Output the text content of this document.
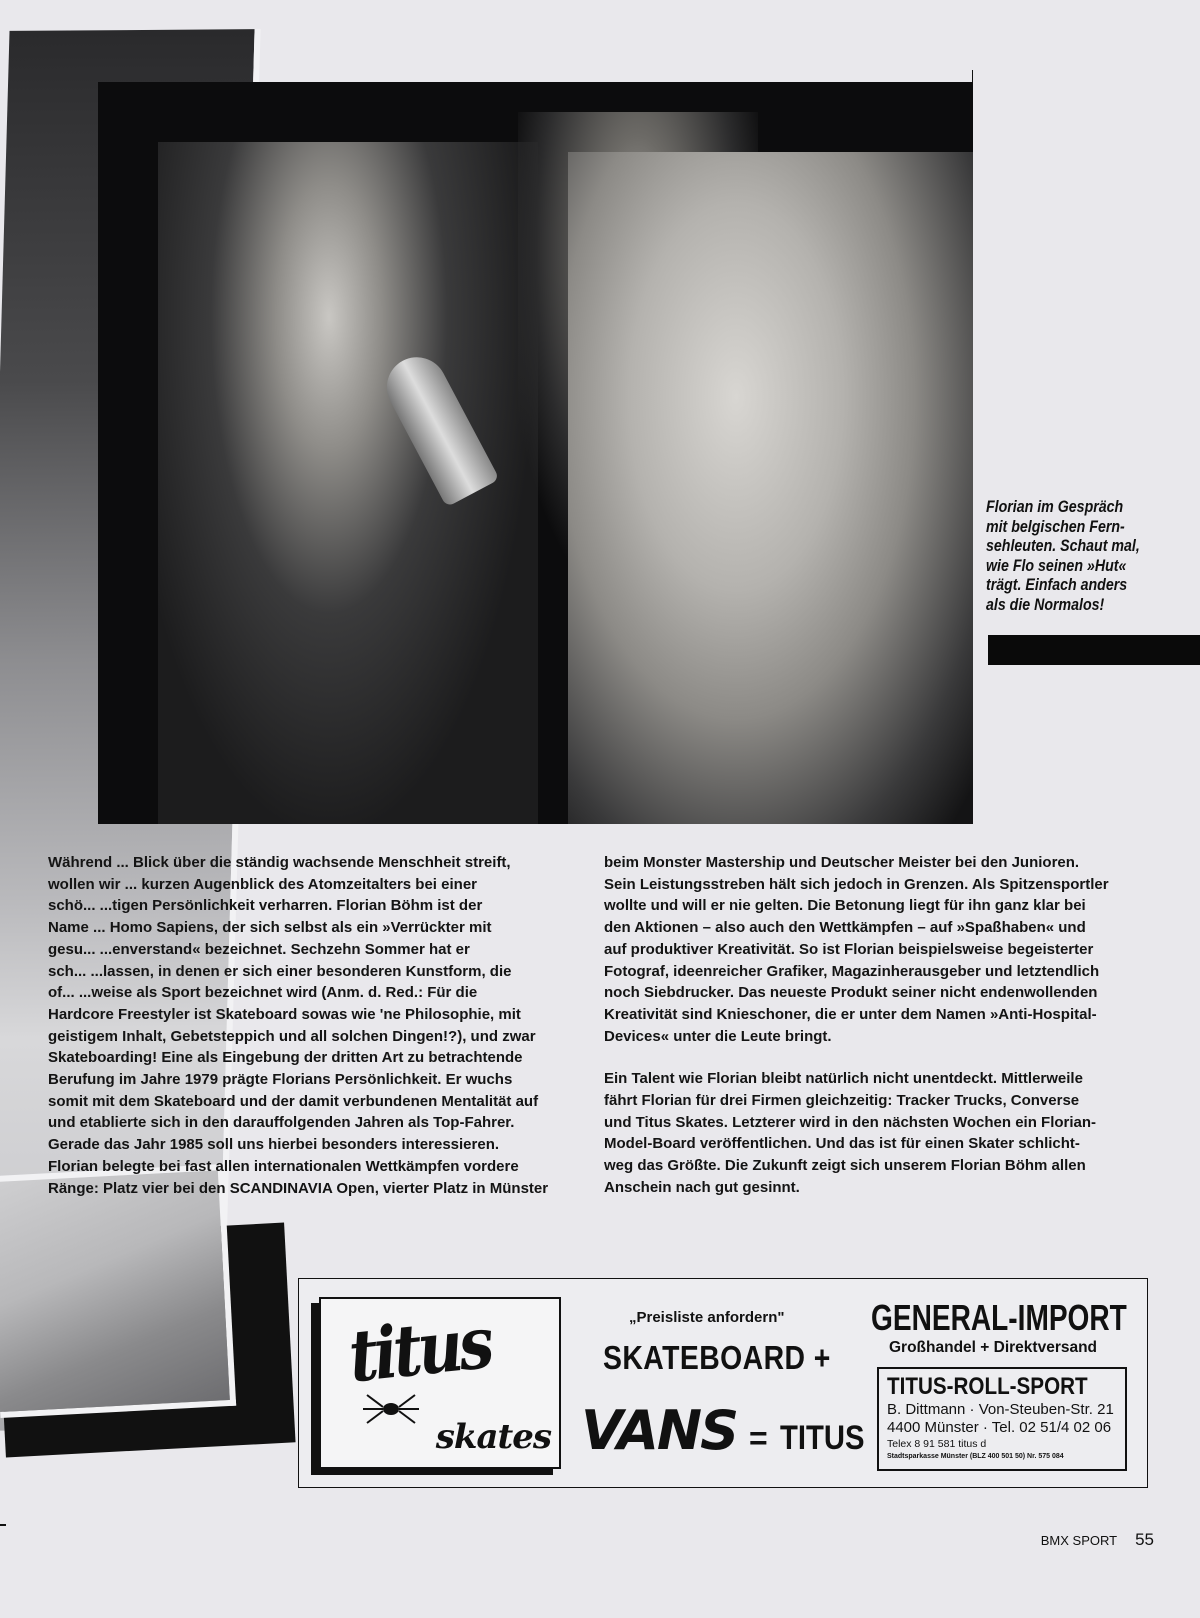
Florian im Gespräch
mit belgischen Fern-
sehleuten. Schaut mal,
wie Flo seinen »Hut«
trägt. Einfach anders
als die Normalos!

Während ... Blick über die ständig wachsende Menschheit streift,
wollen wir ... kurzen Augenblick des Atomzeitalters bei einer
schö... ...tigen Persönlichkeit verharren. Florian Böhm ist der
Name ... Homo Sapiens, der sich selbst als ein »Verrückter mit
gesu... ...enverstand« bezeichnet. Sechzehn Sommer hat er
sch... ...lassen, in denen er sich einer besonderen Kunstform, die
of... ...weise als Sport bezeichnet wird (Anm. d. Red.: Für die
Hardcore Freestyler ist Skateboard sowas wie 'ne Philosophie, mit
geistigem Inhalt, Gebetsteppich und all solchen Dingen!?), und zwar
Skateboarding! Eine als Eingebung der dritten Art zu betrachtende
Berufung im Jahre 1979 prägte Florians Persönlichkeit. Er wuchs
somit mit dem Skateboard und der damit verbundenen Mentalität auf
und etablierte sich in den darauffolgenden Jahren als Top-Fahrer.
Gerade das Jahr 1985 soll uns hierbei besonders interessieren.
Florian belegte bei fast allen internationalen Wettkämpfen vordere
Ränge: Platz vier bei den SCANDINAVIA Open, vierter Platz in Münster

beim Monster Mastership und Deutscher Meister bei den Junioren.
Sein Leistungsstreben hält sich jedoch in Grenzen. Als Spitzensportler
wollte und will er nie gelten. Die Betonung liegt für ihn ganz klar bei
den Aktionen – also auch den Wettkämpfen – auf »Spaßhaben« und
auf produktiver Kreativität. So ist Florian beispielsweise begeisterter
Fotograf, ideenreicher Grafiker, Magazinherausgeber und letztendlich
noch Siebdrucker. Das neueste Produkt seiner nicht endenwollenden
Kreativität sind Knieschoner, die er unter dem Namen »Anti-Hospital-
Devices« unter die Leute bringt.

Ein Talent wie Florian bleibt natürlich nicht unentdeckt. Mittlerweile
fährt Florian für drei Firmen gleichzeitig: Tracker Trucks, Converse
und Titus Skates. Letzterer wird in den nächsten Wochen ein Florian-
Model-Board veröffentlichen. Und das ist für einen Skater schlicht-
weg das Größte. Die Zukunft zeigt sich unserem Florian Böhm allen
Anschein nach gut gesinnt.

titus
skates
„Preisliste anfordern"
SKATEBOARD +
VANS = TITUS
GENERAL-IMPORT
Großhandel + Direktversand
TITUS-ROLL-SPORT
B. Dittmann · Von-Steuben-Str. 21
4400 Münster · Tel. 02 51/4 02 06
Telex 8 91 581 titus d
Stadtsparkasse Münster (BLZ 400 501 50) Nr. 575 084
BMX SPORT 55
